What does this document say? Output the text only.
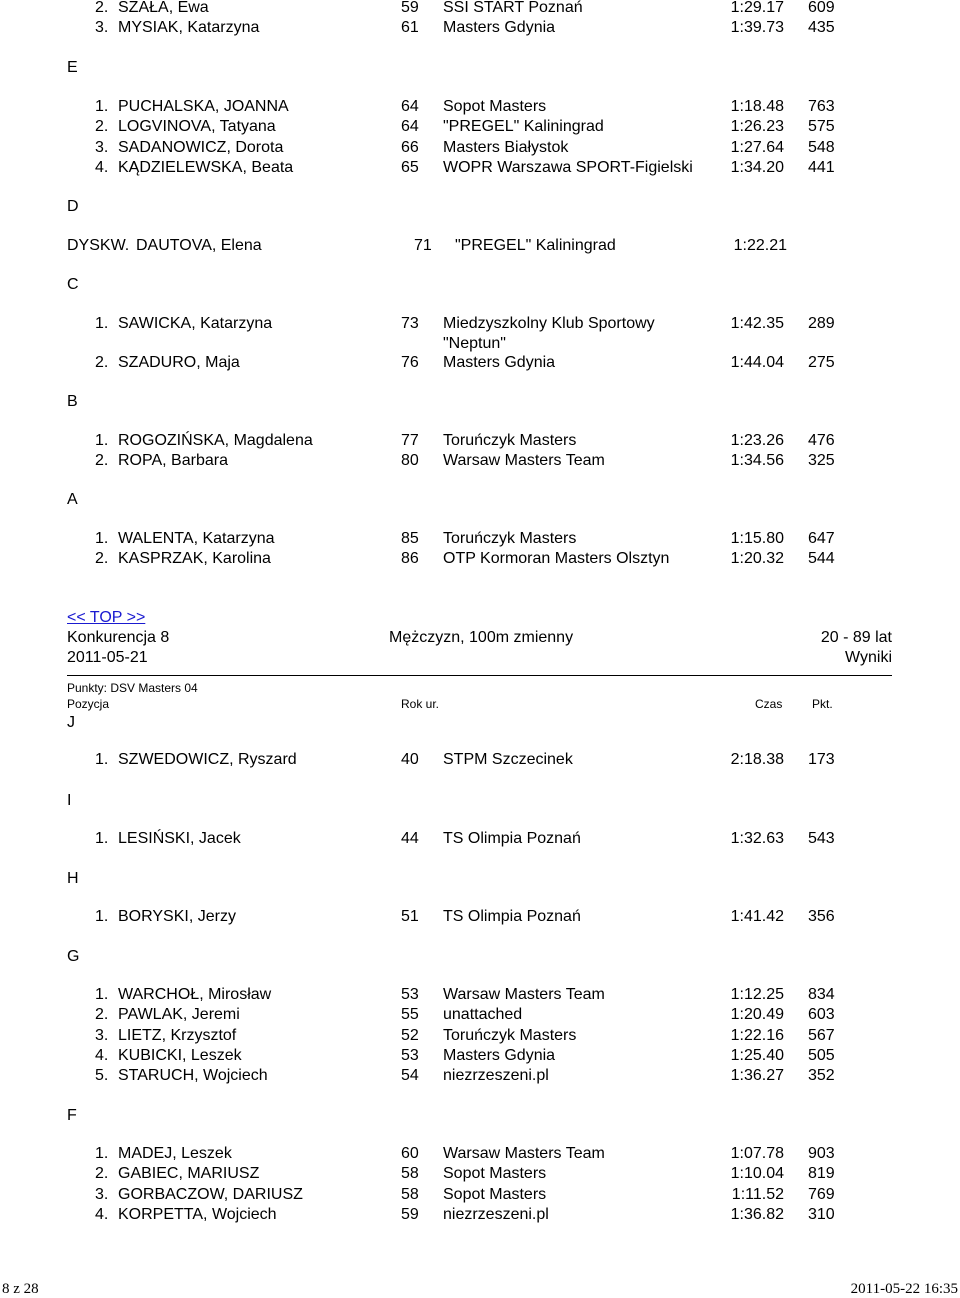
2. SZAŁA, Ewa	59 SSI START Poznań	1:29.17 609
3. MYSIAK, Katarzyna	61 Masters Gdynia	1:39.73 435
E
1. PUCHALSKA, JOANNA	64 Sopot Masters	1:18.48 763
2. LOGVINOVA, Tatyana	64 "PREGEL" Kaliningrad	1:26.23 575
3. SADANOWICZ, Dorota	66 Masters Białystok	1:27.64 548
4. KĄDZIELEWSKA, Beata	65 WOPR Warszawa SPORT-Figielski 1:34.20 441
D
DYSKW. DAUTOVA, Elena	71 "PREGEL" Kaliningrad	1:22.21
C
1. SAWICKA, Katarzyna	73 Miedzyszkolny Klub Sportowy
"Neptun"
1:42.35 289
2. SZADURO, Maja	76 Masters Gdynia	1:44.04 275
B
1. ROGOZIŃSKA, Magdalena	77 Toruńczyk Masters	1:23.26 476
2. ROPA, Barbara	80 Warsaw Masters Team	1:34.56 325
A
1. WALENTA, Katarzyna	85 Toruńczyk Masters	1:15.80 647
2. KASPRZAK, Karolina	86 OTP Kormoran Masters Olsztyn	1:20.32 544
<< TOP >>
Konkurencja 8	Mężczyzn, 100m zmienny	20 - 89 lat
2011-05-21	Wyniki
Punkty: DSV Masters 04
Pozycja	Rok ur.	Czas Pkt.
J
1. SZWEDOWICZ, Ryszard	40 STPM Szczecinek	2:18.38 173
I
1. LESIŃSKI, Jacek	44 TS Olimpia Poznań	1:32.63 543
H
1. BORYSKI, Jerzy	51 TS Olimpia Poznań	1:41.42 356
G
1. WARCHOŁ, Mirosław	53 Warsaw Masters Team	1:12.25 834
2. PAWLAK, Jeremi	55 unattached	1:20.49 603
3. LIETZ, Krzysztof	52 Toruńczyk Masters	1:22.16 567
4. KUBICKI, Leszek	53 Masters Gdynia	1:25.40 505
5. STARUCH, Wojciech	54 niezrzeszeni.pl	1:36.27 352
F
1. MADEJ, Leszek	60 Warsaw Masters Team	1:07.78 903
2. GABIEC, MARIUSZ	58 Sopot Masters	1:10.04 819
3. GORBACZOW, DARIUSZ	58 Sopot Masters	1:11.52 769
4. KORPETTA, Wojciech	59 niezrzeszeni.pl	1:36.82 310
8 z 28	2011-05-22 16:35
